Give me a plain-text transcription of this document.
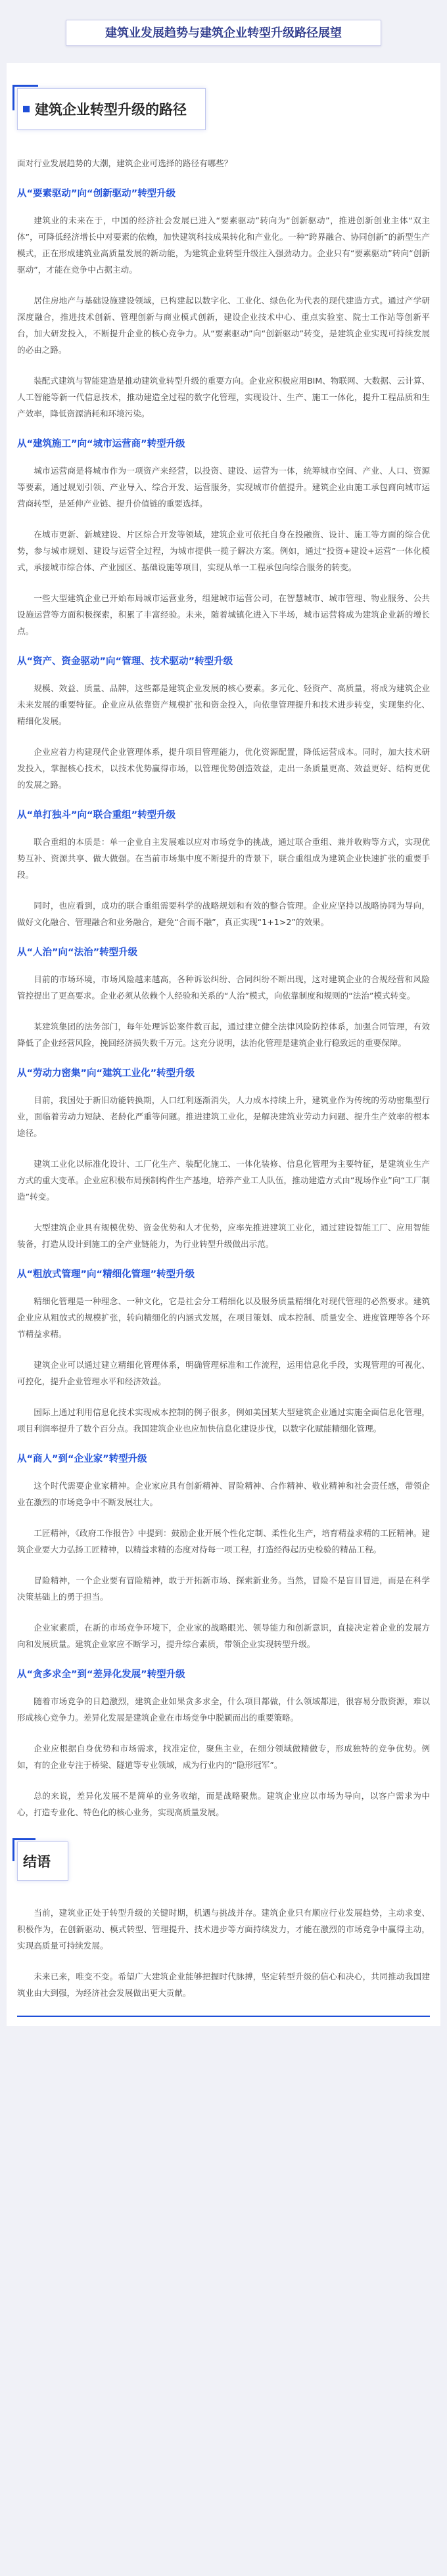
建筑业发展趋势与建筑企业转型升级路径展望
建筑企业转型升级的路径

面对行业发展趋势的大潮，建筑企业可选择的路径有哪些？

从“要素驱动”向“创新驱动”转型升级

建筑业的未来在于，中国的经济社会发展已进入“要素驱动”转向为“创新驱动”，推进创新创业主体“双主体”，可降低经济增长中对要素的依赖，加快建筑科技成果转化和产业化。一种“跨界融合、协同创新”的新型生产模式，正在形成建筑业高质量发展的新动能，为建筑企业转型升级注入强劲动力。企业只有“要素驱动”转向“创新驱动”，才能在竞争中占据主动。

居住房地产与基础设施建设领域，已构建起以数字化、工业化、绿色化为代表的现代建造方式。通过产学研深度融合，推进技术创新、管理创新与商业模式创新，建设企业技术中心、重点实验室、院士工作站等创新平台，加大研发投入，不断提升企业的核心竞争力。从“要素驱动”向“创新驱动”转变，是建筑企业实现可持续发展的必由之路。

装配式建筑与智能建造是推动建筑业转型升级的重要方向。企业应积极应用BIM、物联网、大数据、云计算、人工智能等新一代信息技术，推动建造全过程的数字化管理，实现设计、生产、施工一体化，提升工程品质和生产效率，降低资源消耗和环境污染。

从“建筑施工”向“城市运营商”转型升级

城市运营商是将城市作为一项资产来经营，以投资、建设、运营为一体，统筹城市空间、产业、人口、资源等要素，通过规划引领、产业导入、综合开发、运营服务，实现城市价值提升。建筑企业由施工承包商向城市运营商转型，是延伸产业链、提升价值链的重要选择。

在城市更新、新城建设、片区综合开发等领域，建筑企业可依托自身在投融资、设计、施工等方面的综合优势，参与城市规划、建设与运营全过程，为城市提供一揽子解决方案。例如，通过“投资+建设+运营”一体化模式，承接城市综合体、产业园区、基础设施等项目，实现从单一工程承包向综合服务的转变。

一些大型建筑企业已开始布局城市运营业务，组建城市运营公司，在智慧城市、城市管理、物业服务、公共设施运营等方面积极探索，积累了丰富经验。未来，随着城镇化进入下半场，城市运营将成为建筑企业新的增长点。

从“资产、资金驱动”向“管理、技术驱动”转型升级

规模、效益、质量、品牌，这些都是建筑企业发展的核心要素。多元化、轻资产、高质量，将成为建筑企业未来发展的重要特征。企业应从依靠资产规模扩张和资金投入，向依靠管理提升和技术进步转变，实现集约化、精细化发展。

企业应着力构建现代企业管理体系，提升项目管理能力，优化资源配置，降低运营成本。同时，加大技术研发投入，掌握核心技术，以技术优势赢得市场，以管理优势创造效益，走出一条质量更高、效益更好、结构更优的发展之路。

从“单打独斗”向“联合重组”转型升级

联合重组的本质是：单一企业自主发展难以应对市场竞争的挑战，通过联合重组、兼并收购等方式，实现优势互补、资源共享、做大做强。在当前市场集中度不断提升的背景下，联合重组成为建筑企业快速扩张的重要手段。

同时，也应看到，成功的联合重组需要科学的战略规划和有效的整合管理。企业应坚持以战略协同为导向，做好文化融合、管理融合和业务融合，避免“合而不融”，真正实现“1+1>2”的效果。

从“人治”向“法治”转型升级

目前的市场环境，市场风险越来越高，各种诉讼纠纷、合同纠纷不断出现，这对建筑企业的合规经营和风险管控提出了更高要求。企业必须从依赖个人经验和关系的“人治”模式，向依靠制度和规则的“法治”模式转变。

某建筑集团的法务部门，每年处理诉讼案件数百起，通过建立健全法律风险防控体系，加强合同管理，有效降低了企业经营风险，挽回经济损失数千万元。这充分说明，法治化管理是建筑企业行稳致远的重要保障。

从“劳动力密集”向“建筑工业化”转型升级

目前，我国处于新旧动能转换期，人口红利逐渐消失，人力成本持续上升，建筑业作为传统的劳动密集型行业，面临着劳动力短缺、老龄化严重等问题。推进建筑工业化，是解决建筑业劳动力问题、提升生产效率的根本途径。

建筑工业化以标准化设计、工厂化生产、装配化施工、一体化装修、信息化管理为主要特征，是建筑业生产方式的重大变革。企业应积极布局预制构件生产基地，培养产业工人队伍，推动建造方式由“现场作业”向“工厂制造”转变。

大型建筑企业具有规模优势、资金优势和人才优势，应率先推进建筑工业化，通过建设智能工厂、应用智能装备，打造从设计到施工的全产业链能力，为行业转型升级做出示范。

从“粗放式管理”向“精细化管理”转型升级

精细化管理是一种理念、一种文化，它是社会分工精细化以及服务质量精细化对现代管理的必然要求。建筑企业应从粗放式的规模扩张，转向精细化的内涵式发展，在项目策划、成本控制、质量安全、进度管理等各个环节精益求精。

建筑企业可以通过建立精细化管理体系，明确管理标准和工作流程，运用信息化手段，实现管理的可视化、可控化，提升企业管理水平和经济效益。

国际上通过利用信息化技术实现成本控制的例子很多，例如美国某大型建筑企业通过实施全面信息化管理，项目利润率提升了数个百分点。我国建筑企业也应加快信息化建设步伐，以数字化赋能精细化管理。

从“商人”到“企业家”转型升级

这个时代需要企业家精神。企业家应具有创新精神、冒险精神、合作精神、敬业精神和社会责任感，带领企业在激烈的市场竞争中不断发展壮大。

工匠精神，《政府工作报告》中提到：鼓励企业开展个性化定制、柔性化生产，培育精益求精的工匠精神。建筑企业要大力弘扬工匠精神，以精益求精的态度对待每一项工程，打造经得起历史检验的精品工程。

冒险精神，一个企业要有冒险精神，敢于开拓新市场、探索新业务。当然，冒险不是盲目冒进，而是在科学决策基础上的勇于担当。

企业家素质，在新的市场竞争环境下，企业家的战略眼光、领导能力和创新意识，直接决定着企业的发展方向和发展质量。建筑企业家应不断学习，提升综合素质，带领企业实现转型升级。

从“贪多求全”到“差异化发展”转型升级

随着市场竞争的日趋激烈，建筑企业如果贪多求全，什么项目都做，什么领域都进，很容易分散资源，难以形成核心竞争力。差异化发展是建筑企业在市场竞争中脱颖而出的重要策略。

企业应根据自身优势和市场需求，找准定位，聚焦主业，在细分领域做精做专，形成独特的竞争优势。例如，有的企业专注于桥梁、隧道等专业领域，成为行业内的“隐形冠军”。

总的来说，差异化发展不是简单的业务收缩，而是战略聚焦。建筑企业应以市场为导向，以客户需求为中心，打造专业化、特色化的核心业务，实现高质量发展。

结语

当前，建筑业正处于转型升级的关键时期，机遇与挑战并存。建筑企业只有顺应行业发展趋势，主动求变、积极作为，在创新驱动、模式转型、管理提升、技术进步等方面持续发力，才能在激烈的市场竞争中赢得主动，实现高质量可持续发展。

未来已来，唯变不变。希望广大建筑企业能够把握时代脉搏，坚定转型升级的信心和决心，共同推动我国建筑业由大到强，为经济社会发展做出更大贡献。
